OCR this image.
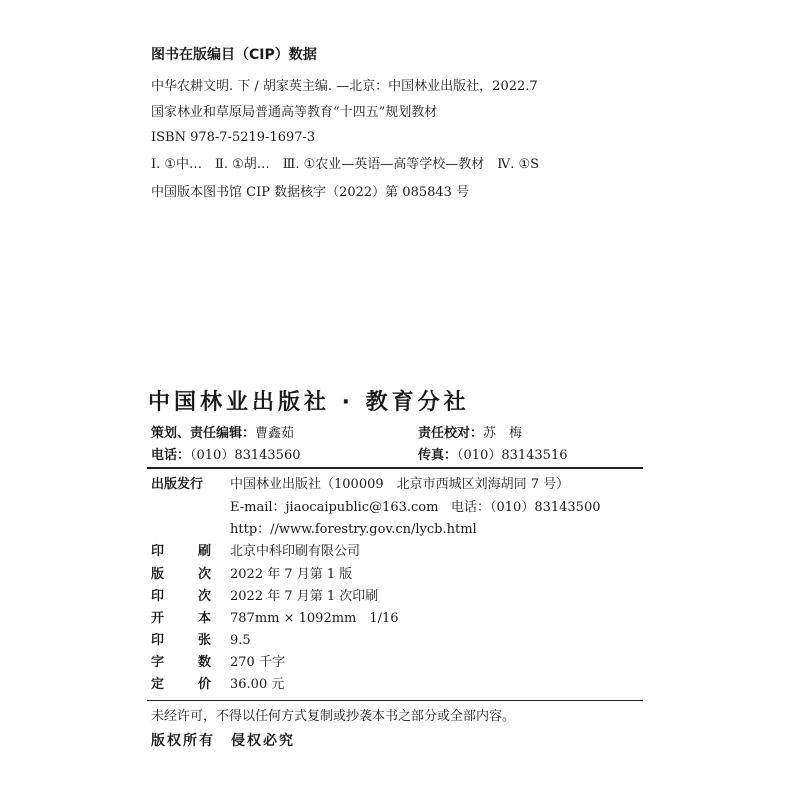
图书在版编目（CIP）数据
中华农耕文明. 下 / 胡家英主编. —北京：中国林业出版社，2022.7
国家林业和草原局普通高等教育“十四五”规划教材
ISBN 978-7-5219-1697-3
Ⅰ. ①中…　Ⅱ. ①胡…　Ⅲ. ①农业—英语—高等学校—教材　Ⅳ. ①S
中国版本图书馆 CIP 数据核字（2022）第 085843 号
中国林业出版社 · 教育分社
策划、责任编辑：曹鑫茹	责任校对：苏　梅
电话：（010）83143560	传真：（010）83143516
出版发行 中国林业出版社（100009　北京市西城区刘海胡同 7 号）
E-mail：jiaocaipublic@163.com 电话：（010）83143500
http：//www.forestry.gov.cn/lycb.html
印	刷 北京中科印刷有限公司
版	次 2022 年 7 月第 1 版
印	次 2022 年 7 月第 1 次印刷
开	本 787mm × 1092mm　1/16
印	张 9.5
字	数 270 千字
定	价 36.00 元
未经许可，不得以任何方式复制或抄袭本书之部分或全部内容。
版权所有　侵权必究
